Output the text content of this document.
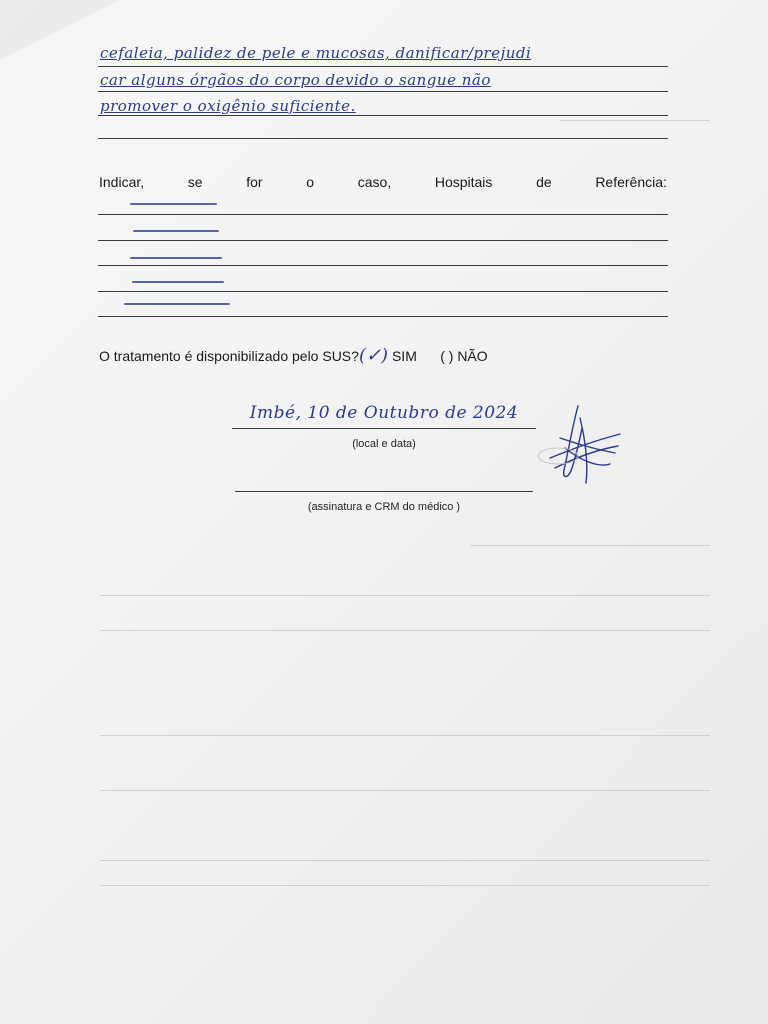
cefaleia, palidez de pele e mucosas, danificar/prejudi
car alguns órgãos do corpo devido o sangue não
promover o oxigênio suficiente.
Indicar,	se	for	o	caso,	Hospitais	de	Referência:
O tratamento é disponibilizado pelo SUS?(✓) SIM ( ) NÃO
Imbé, 10 de Outubro de 2024
(local e data)
(assinatura e CRM do médico )
